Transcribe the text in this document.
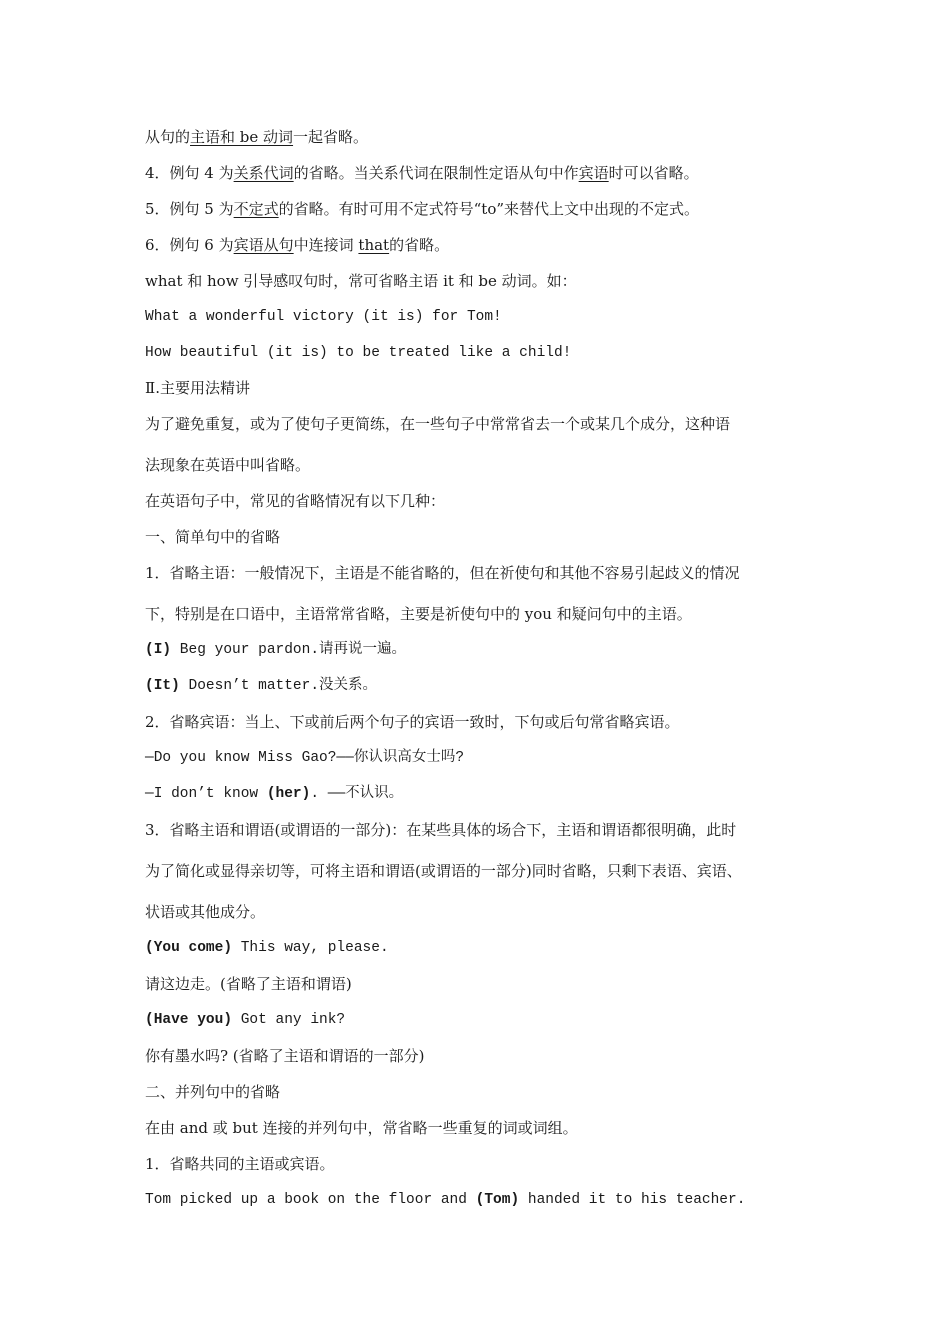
从句的主语和 be 动词一起省略。
4．例句 4 为关系代词的省略。当关系代词在限制性定语从句中作宾语时可以省略。
5．例句 5 为不定式的省略。有时可用不定式符号“to”来替代上文中出现的不定式。
6．例句 6 为宾语从句中连接词 that的省略。
what 和 how 引导感叹句时，常可省略主语 it 和 be 动词。如：
What a wonderful victory (it is) for Tom!
How beautiful (it is) to be treated like a child!
Ⅱ.主要用法精讲
为了避免重复，或为了使句子更简练，在一些句子中常常省去一个或某几个成分，这种语
法现象在英语中叫省略。
在英语句子中，常见的省略情况有以下几种：
一、简单句中的省略
1．省略主语：一般情况下，主语是不能省略的，但在祈使句和其他不容易引起歧义的情况
下，特别是在口语中，主语常常省略，主要是祈使句中的 you 和疑问句中的主语。
(I) Beg your pardon.请再说一遍。
(It) Doesn’t matter.没关系。
2．省略宾语：当上、下或前后两个句子的宾语一致时，下句或后句常省略宾语。
—Do you know Miss Gao?——你认识高女士吗?
—I don’t know (her). ——不认识。
3．省略主语和谓语(或谓语的一部分)：在某些具体的场合下，主语和谓语都很明确，此时
为了简化或显得亲切等，可将主语和谓语(或谓语的一部分)同时省略，只剩下表语、宾语、
状语或其他成分。
(You come) This way, please.
请这边走。(省略了主语和谓语)
(Have you) Got any ink?
你有墨水吗? (省略了主语和谓语的一部分)
二、并列句中的省略
在由 and 或 but 连接的并列句中，常省略一些重复的词或词组。
1．省略共同的主语或宾语。
Tom picked up a book on the floor and (Tom) handed it to his teacher.
